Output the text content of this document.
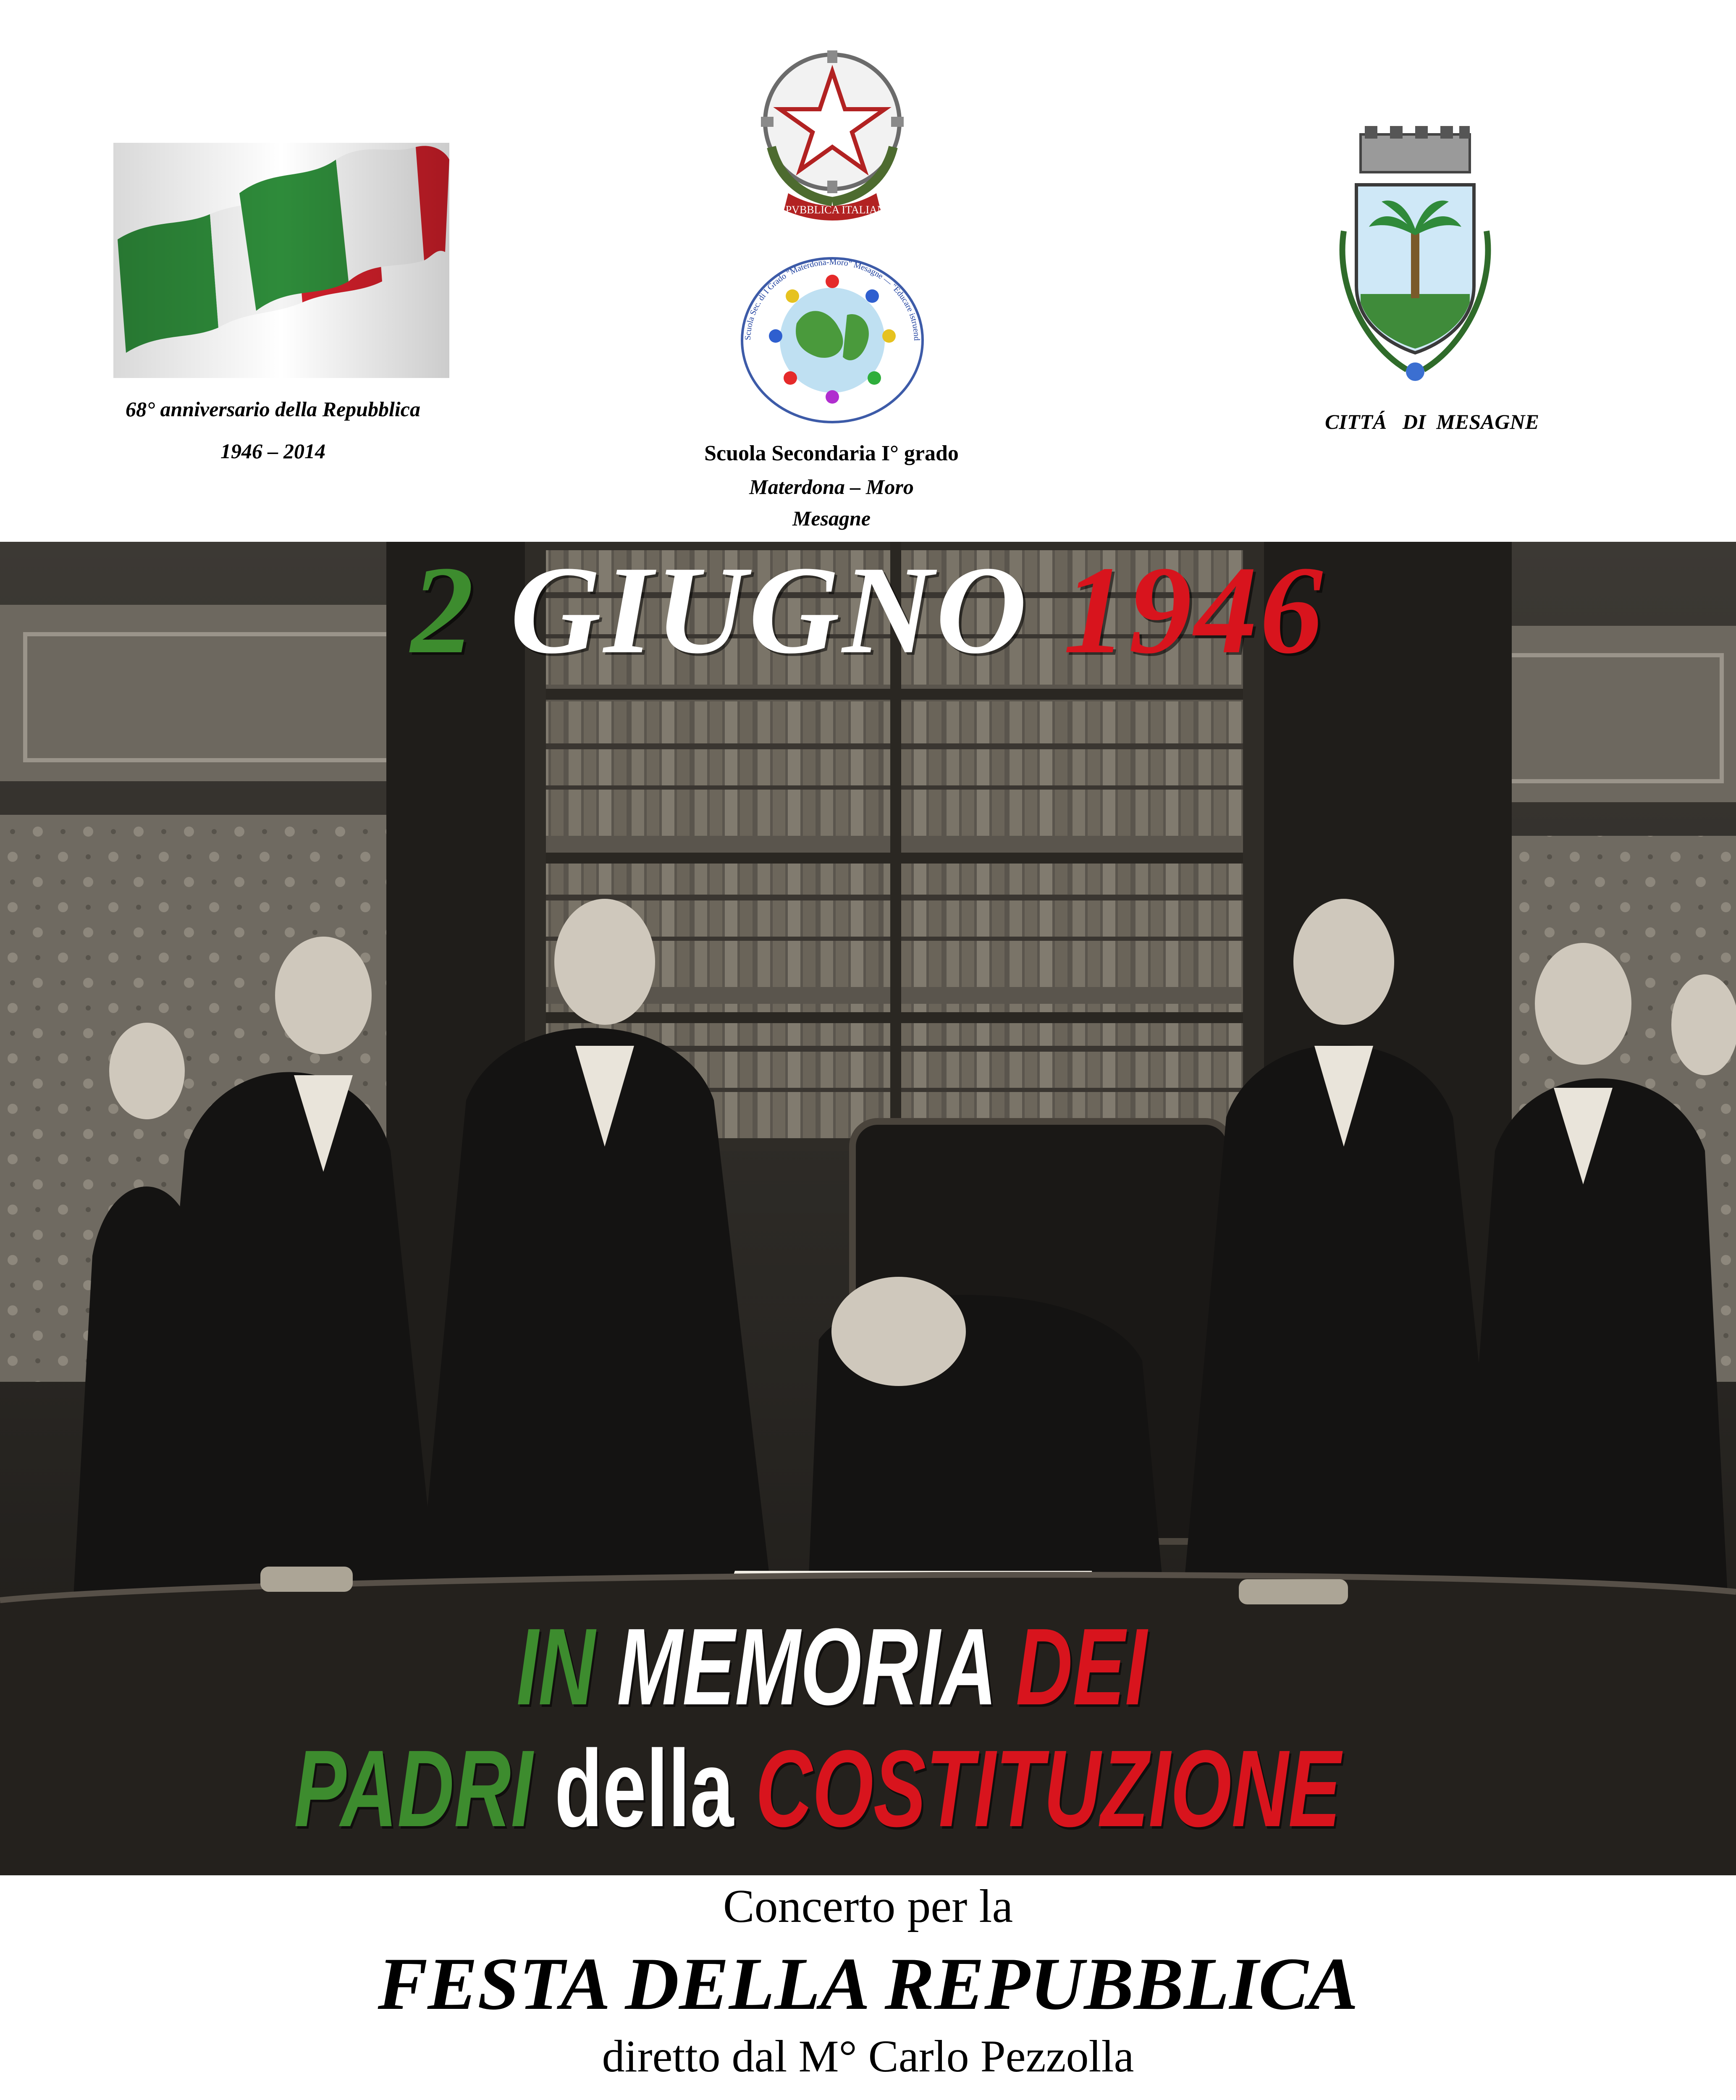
68° anniversario della Repubblica
1946 – 2014
REPVBBLICA ITALIANA
Scuola Sec. di I Grado "Materdona-Moro" Mesagne — "Educare istruend
Scuola Secondaria I° grado
Materdona – Moro
Mesagne
CITTÁ   DI  MESAGNE
2 GIUGNO 1946
IN MEMORIA DEI
PADRI della COSTITUZIONE
Concerto per la
FESTA DELLA REPUBBLICA
diretto dal M° Carlo Pezzolla
